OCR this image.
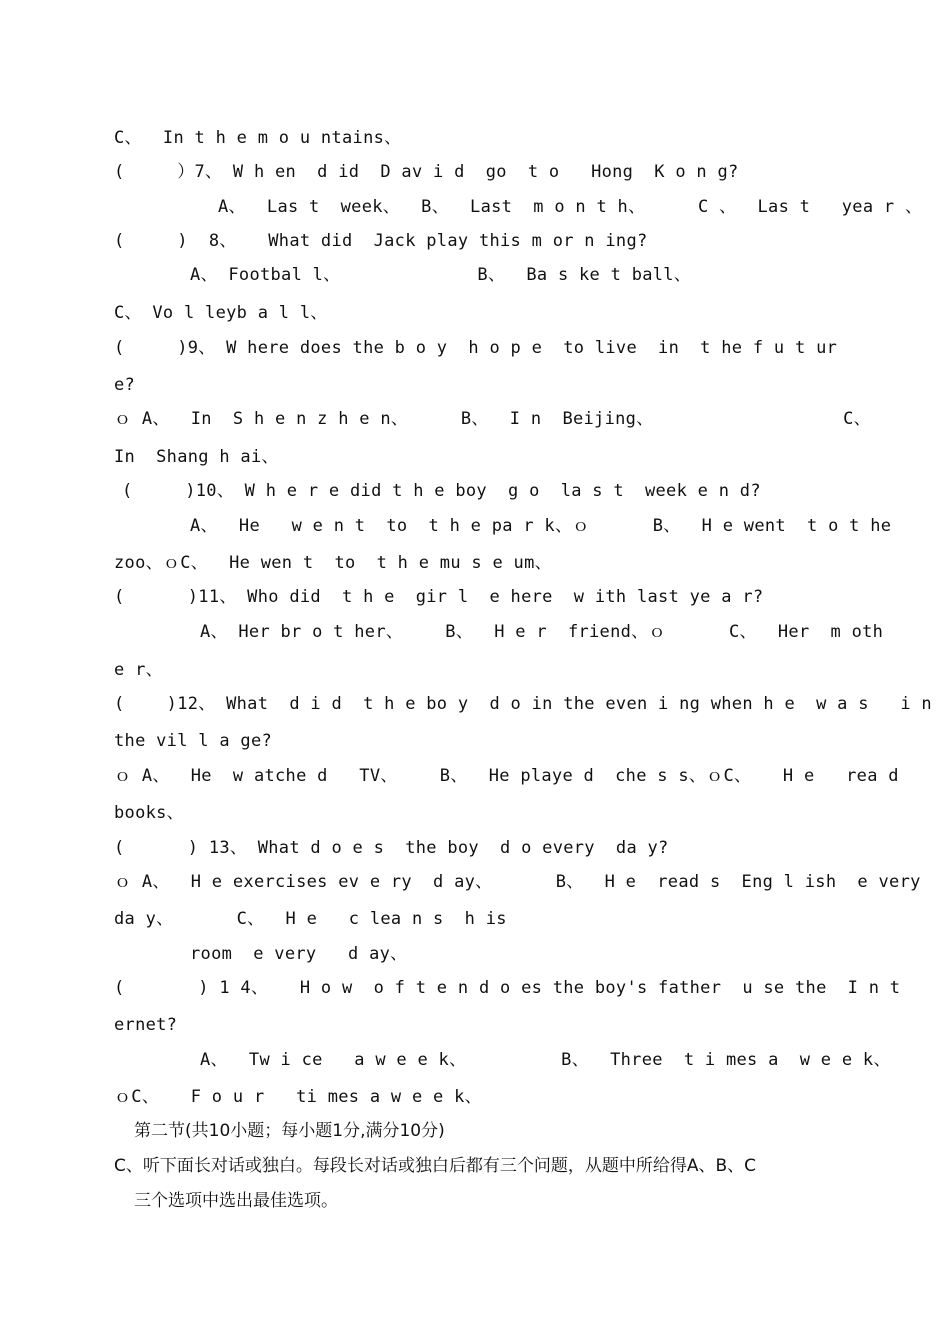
C、  In t h e m o u ntains、
(     ）7、 W h en  d id  D av i d  go  t o   Hong  K o n g?
A、  Las t  week、  B、  Last  m o n t h、     C 、  Las t   yea r 、
(     )  8、   What did  Jack play this m or n ing?
A、 Footbal l、             B、  Ba s ke t ball、
C、 Vo l leyb a l l、
(     )9、 W here does the b o y  h o p e  to live  in  t he f u t ur
e?
ｏ A、  In  S h e n z h e n、     B、  I n  Beijing、                  C、
In  Shang h ai、
(     )10、 W h e r e did t h e boy  g o  la s t  week e n d?
A、  He   w e n t  to  t h e pa r k、ｏ      B、  H e went  t o t he
zoo、ｏC、  He wen t  to  t h e mu s e um、
(      )11、 Who did  t h e  gir l  e here  w ith last ye a r?
A、 Her br o t her、    B、  H e r  friend、ｏ      C、  Her  m oth
e r、
(    )12、 What  d i d  t h e bo y  d o in the even i ng when h e  w a s   i n
the vil l a ge?
ｏ A、  He  w atche d   TV、    B、  He playe d  che s s、ｏC、   H e   rea d
books、
(      ) 13、 What d o e s  the boy  d o every  da y?
ｏ A、  H e exercises ev e ry  d ay、      B、  H e  read s  Eng l ish  e very
da y、      C、  H e   c lea n s  h is
room  e very   d ay、
(       ) 1 4、   H o w  o f t e n d o es the boy's father  u se the  I n t
ernet?
A、  Tw i ce   a w e e k、         B、  Three  t i mes a  w e e k、
ｏC、   F o u r   ti mes a w e e k、
第二节(共10小题；每小题1分,满分10分)
C、听下面长对话或独白。每段长对话或独白后都有三个问题，从题中所给得A、B、C
三个选项中选出最佳选项。
